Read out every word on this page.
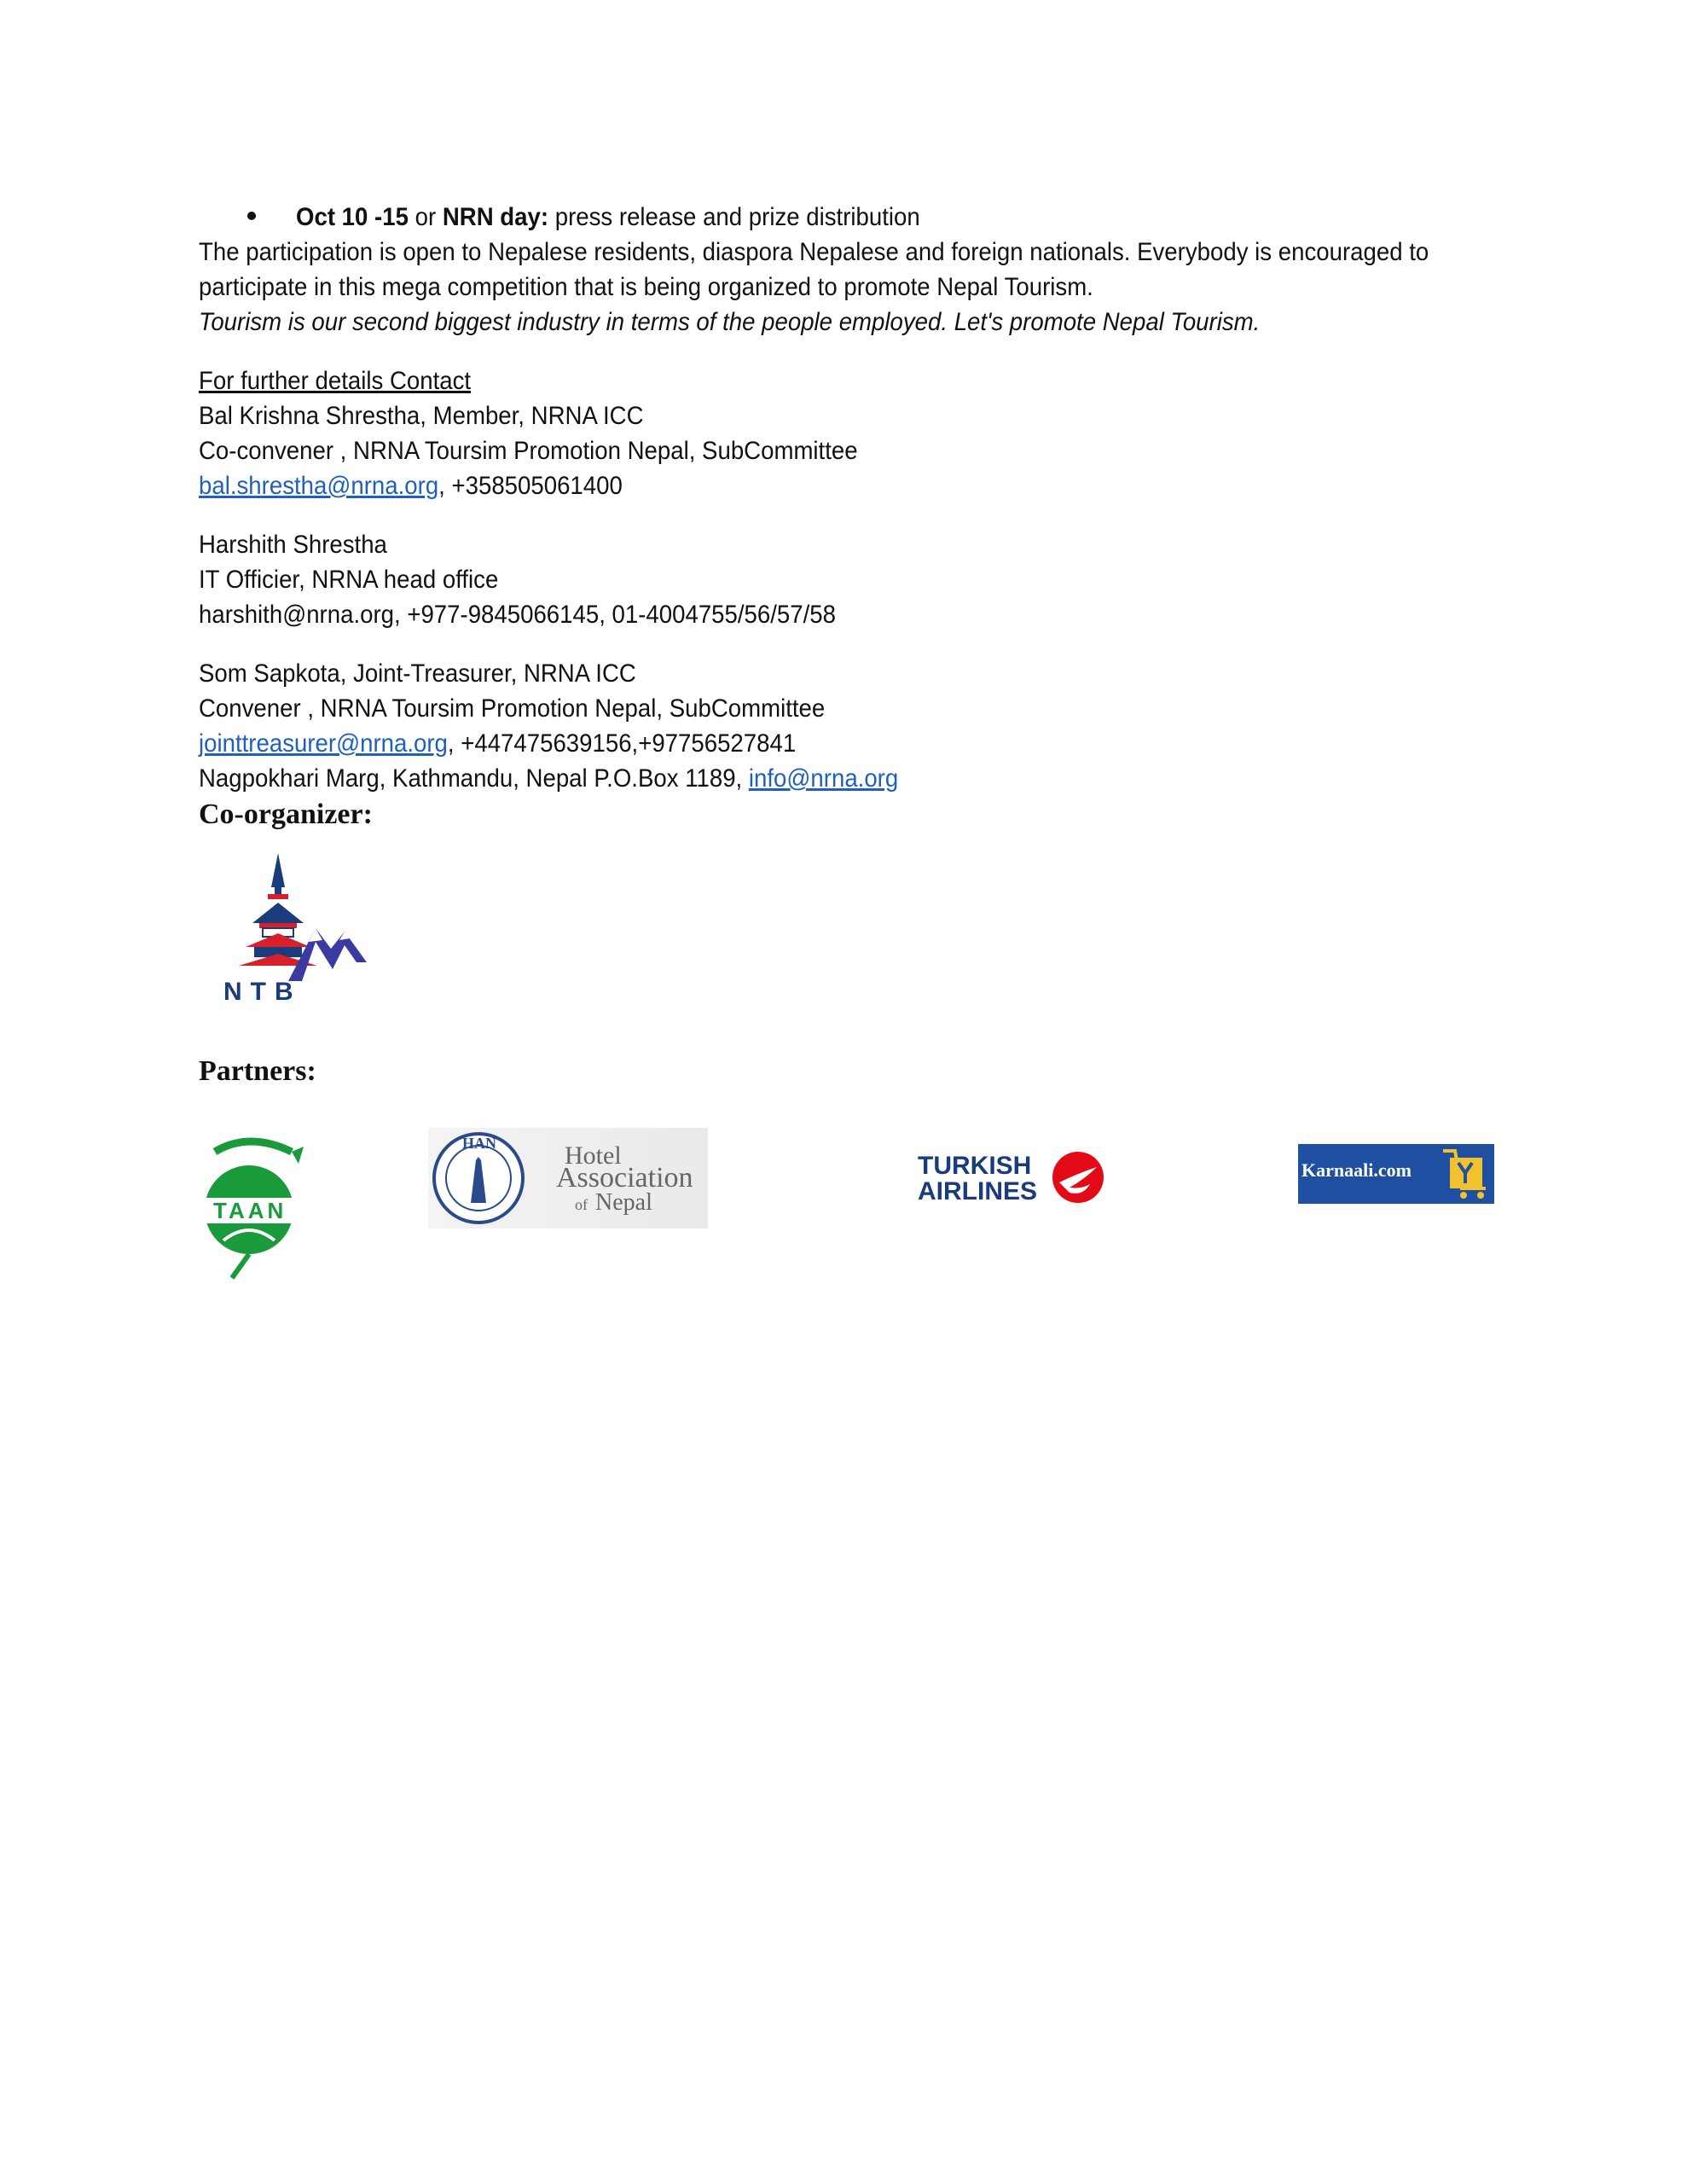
Oct 10 -15 or NRN day: press release and prize distribution
The participation is open to Nepalese residents, diaspora Nepalese and foreign nationals. Everybody is encouraged to
participate in this mega competition that is being organized to promote Nepal Tourism.
Tourism is our second biggest industry in terms of the people employed. Let's promote Nepal Tourism.
For further details Contact
Bal Krishna Shrestha, Member, NRNA ICC
Co-convener , NRNA Toursim Promotion Nepal, SubCommittee
bal.shrestha@nrna.org, +358505061400
Harshith Shrestha
IT Officier, NRNA head office
harshith@nrna.org, +977-9845066145, 01-4004755/56/57/58
Som Sapkota, Joint-Treasurer, NRNA ICC
Convener , NRNA Toursim Promotion Nepal, SubCommittee
jointtreasurer@nrna.org, +447475639156,+97756527841
Nagpokhari Marg, Kathmandu, Nepal P.O.Box 1189, info@nrna.org
Co-organizer:
NTB
Partners:
TAAN
HAN	Hotel
Association
of Nepal
TURKISH
AIRLINES
Karnaali.com
